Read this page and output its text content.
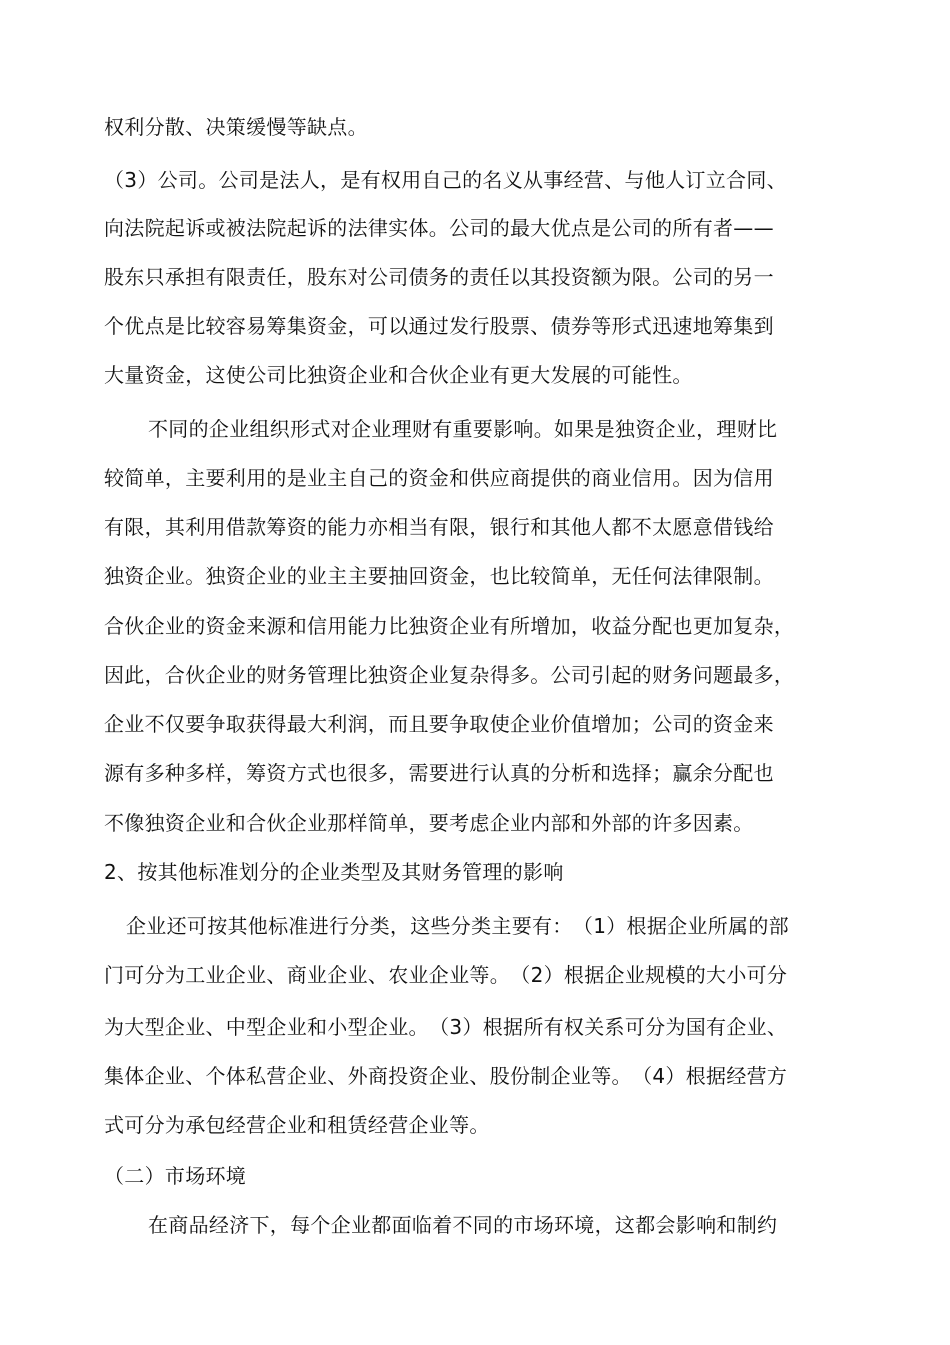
权利分散、决策缓慢等缺点。
（3）公司。公司是法人，是有权用自己的名义从事经营、与他人订立合同、
向法院起诉或被法院起诉的法律实体。公司的最大优点是公司的所有者——
股东只承担有限责任，股东对公司债务的责任以其投资额为限。公司的另一
个优点是比较容易筹集资金，可以通过发行股票、债券等形式迅速地筹集到
大量资金，这使公司比独资企业和合伙企业有更大发展的可能性。
不同的企业组织形式对企业理财有重要影响。如果是独资企业，理财比
较简单，主要利用的是业主自己的资金和供应商提供的商业信用。因为信用
有限，其利用借款筹资的能力亦相当有限，银行和其他人都不太愿意借钱给
独资企业。独资企业的业主主要抽回资金，也比较简单，无任何法律限制。
合伙企业的资金来源和信用能力比独资企业有所增加，收益分配也更加复杂，
因此，合伙企业的财务管理比独资企业复杂得多。公司引起的财务问题最多，
企业不仅要争取获得最大利润，而且要争取使企业价值增加；公司的资金来
源有多种多样，筹资方式也很多，需要进行认真的分析和选择；赢余分配也
不像独资企业和合伙企业那样简单，要考虑企业内部和外部的许多因素。
2、按其他标准划分的企业类型及其财务管理的影响
企业还可按其他标准进行分类，这些分类主要有：　（1）根据企业所属的部
门可分为工业企业、商业企业、农业企业等。　（2）根据企业规模的大小可分
为大型企业、中型企业和小型企业。　（3）根据所有权关系可分为国有企业、
集体企业、个体私营企业、外商投资企业、股份制企业等。　（4）根据经营方
式可分为承包经营企业和租赁经营企业等。
（二）市场环境
在商品经济下，每个企业都面临着不同的市场环境，这都会影响和制约
